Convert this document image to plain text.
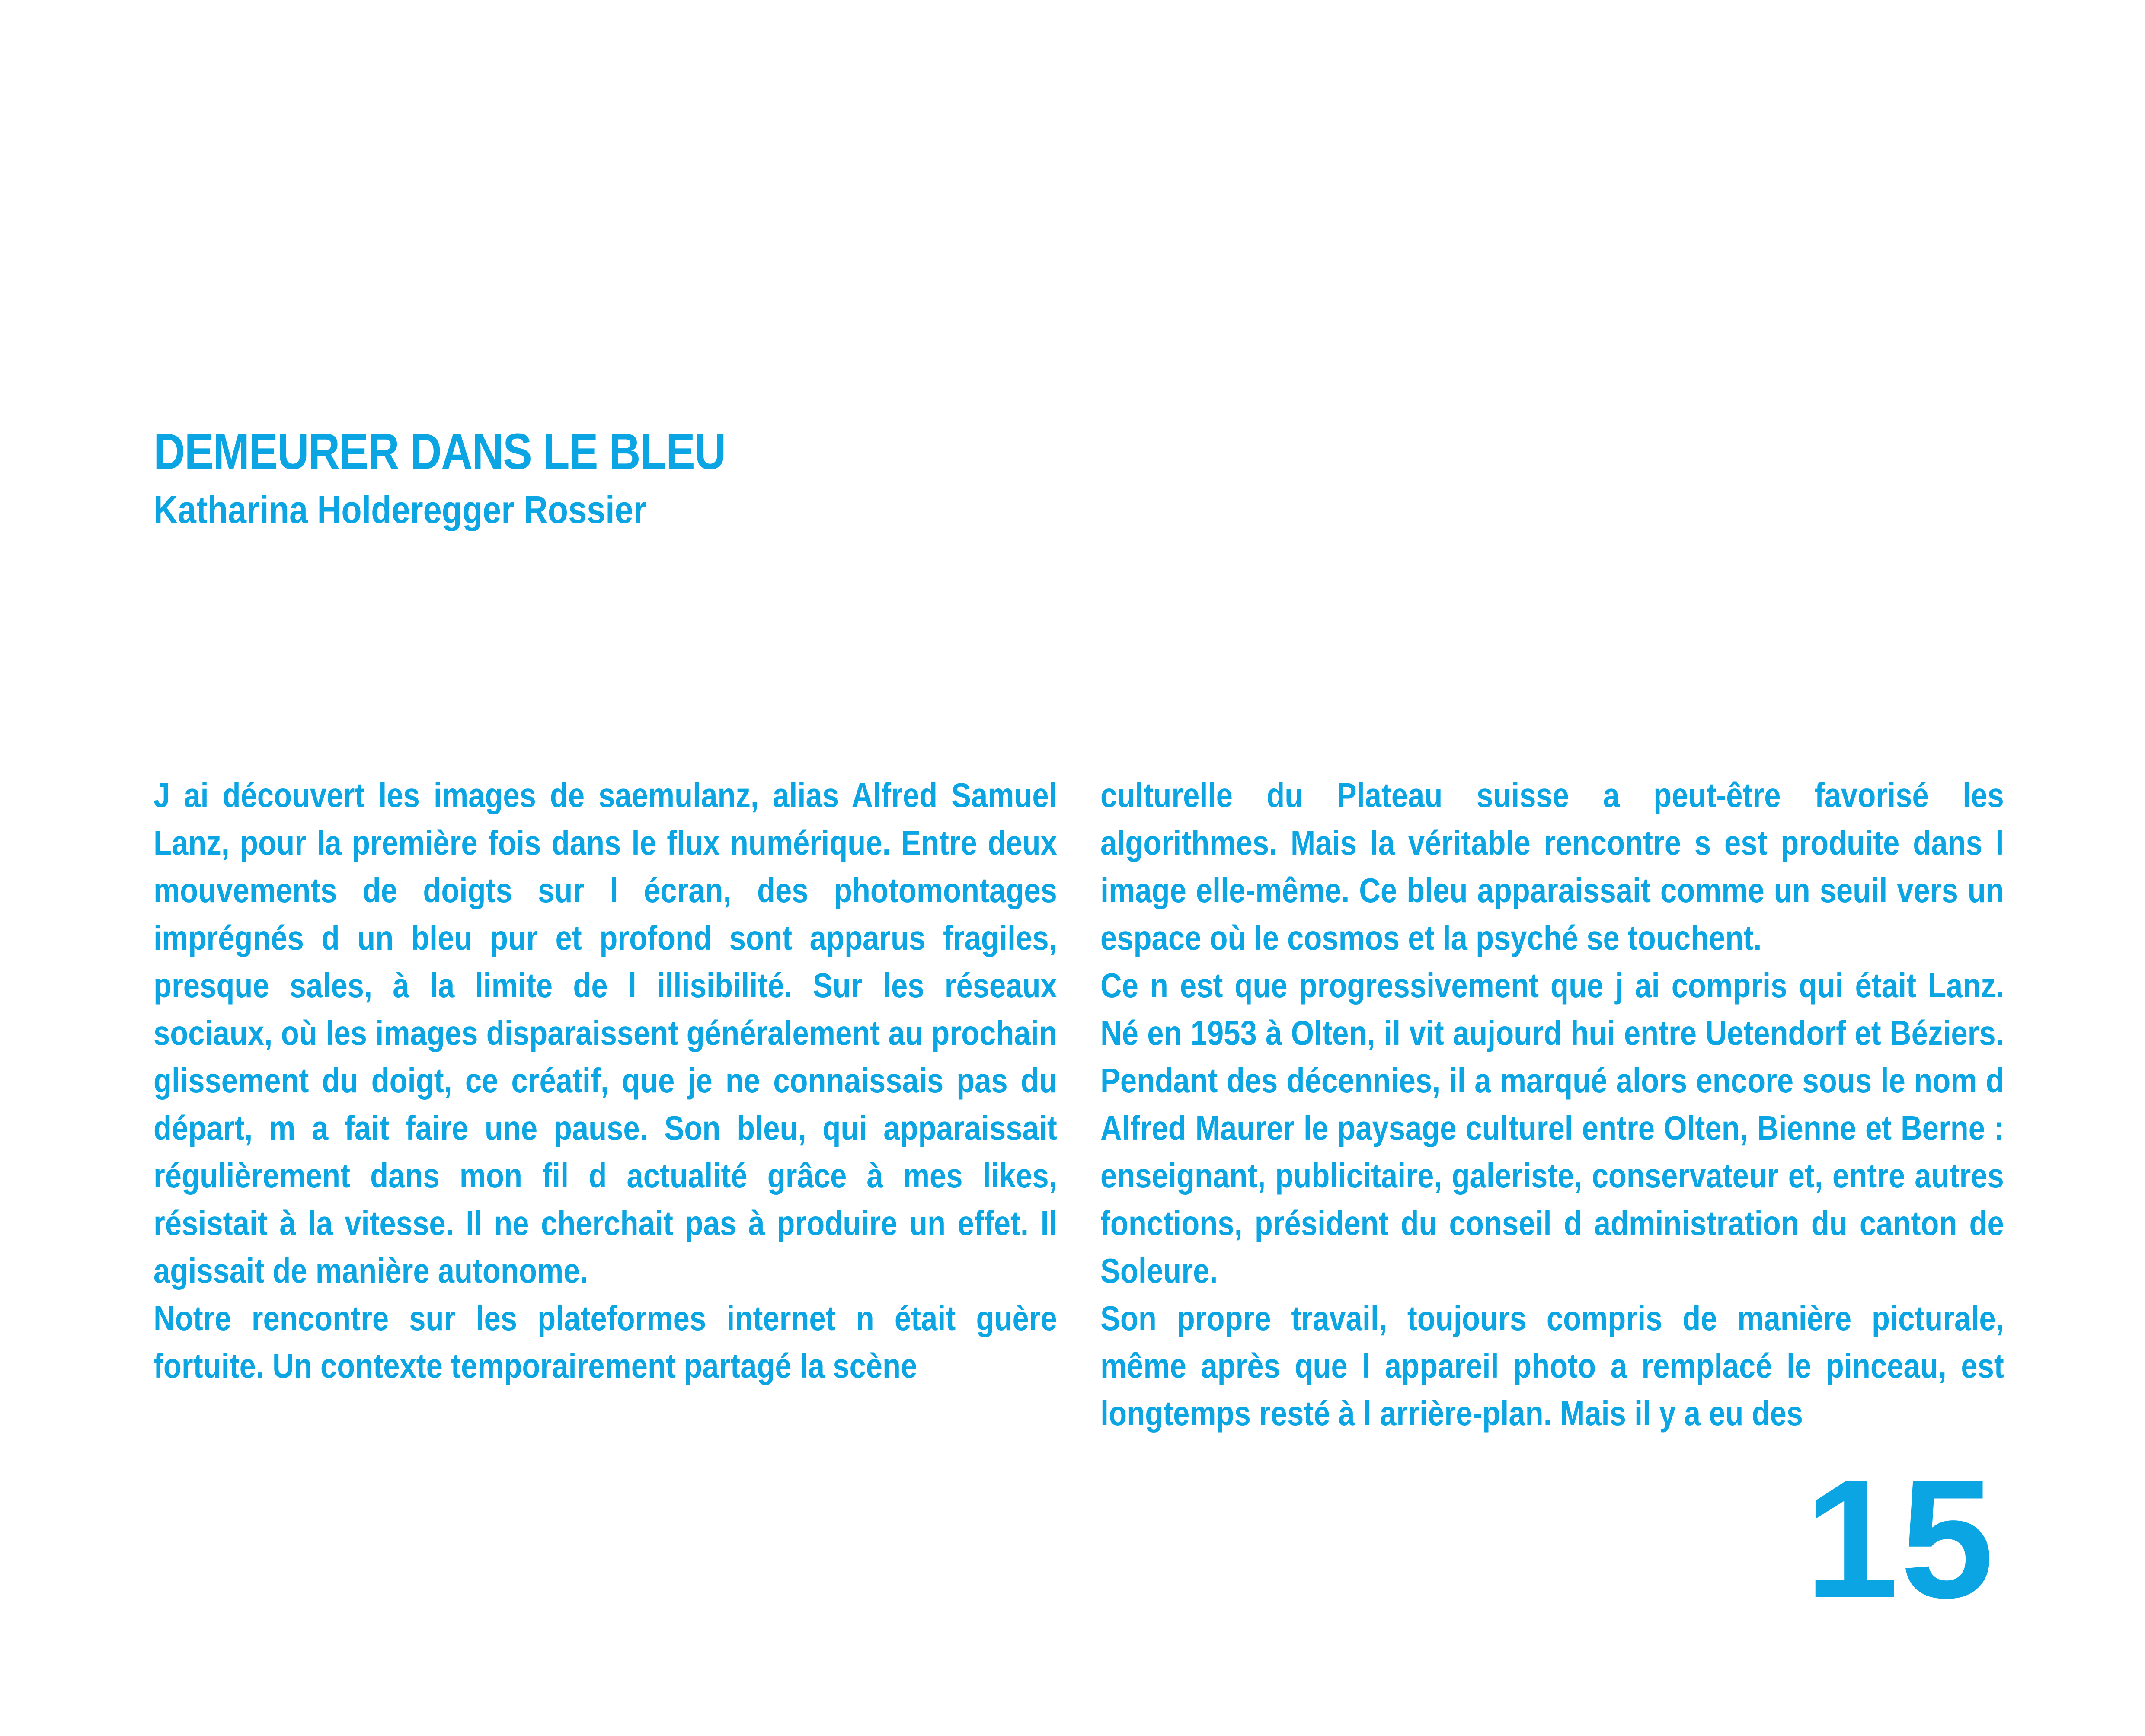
DEMEURER DANS LE BLEU
Katharina Holderegger Rossier

J ai découvert les images de saemulanz, alias Alfred Samuel Lanz, pour la première fois dans le flux numérique. Entre deux mouvements de doigts sur l écran, des photomontages imprégnés d un bleu pur et profond sont apparus fragiles, presque sales, à la limite de l illisibilité. Sur les réseaux sociaux, où les images disparaissent généralement au prochain glissement du doigt, ce créatif, que je ne connaissais pas du départ, m a fait faire une pause. Son bleu, qui apparaissait régulièrement dans mon fil d actualité grâce à mes likes, résistait à la vitesse. Il ne cherchait pas à produire un effet. Il agissait de manière autonome.

Notre rencontre sur les plateformes internet n était guère fortuite. Un contexte temporairement partagé la scène

culturelle du Plateau suisse a peut-être favorisé les algorithmes. Mais la véritable rencontre s est produite dans l image elle-même. Ce bleu apparaissait comme un seuil vers un espace où le cosmos et la psyché se touchent.

Ce n est que progressivement que j ai compris qui était Lanz. Né en 1953 à Olten, il vit aujourd hui entre Uetendorf et Béziers. Pendant des décennies, il a marqué alors encore sous le nom d Alfred Maurer le paysage culturel entre Olten, Bienne et Berne : enseignant, publicitaire, galeriste, conservateur et, entre autres fonctions, président du conseil d administration du canton de Soleure.

Son propre travail, toujours compris de manière picturale, même après que l appareil photo a remplacé le pinceau, est longtemps resté à l arrière-plan. Mais il y a eu des

15
